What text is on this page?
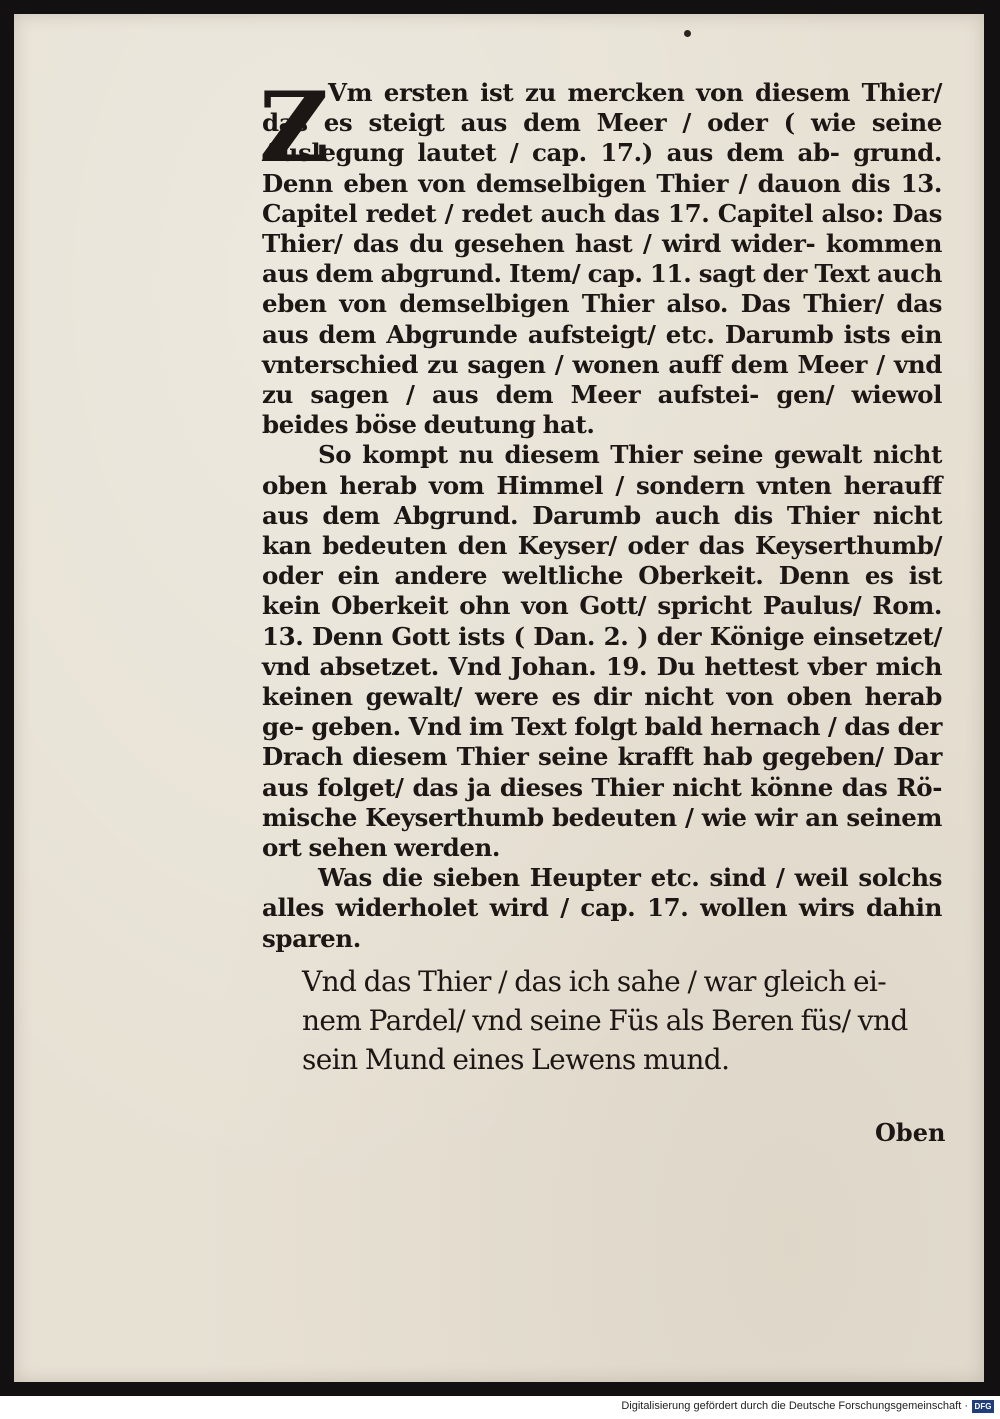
Z Vm ersten ist zu mercken von diesem Thier/ das es steigt aus dem Meer / oder ( wie seine Auslegung lautet / cap. 17.) aus dem ab- grund. Denn eben von demselbigen Thier / dauon dis 13. Capitel redet / redet auch das 17. Capitel also: Das Thier/ das du gesehen hast / wird wider- kommen aus dem abgrund. Item/ cap. 11. sagt der Text auch eben von demselbigen Thier also. Das Thier/ das aus dem Abgrunde aufsteigt/ etc. Darumb ists ein vnterschied zu sagen / wonen auff dem Meer / vnd zu sagen / aus dem Meer aufstei- gen/ wiewol beides böse deutung hat.

So kompt nu diesem Thier seine gewalt nicht oben herab vom Himmel / sondern vnten herauff aus dem Abgrund. Darumb auch dis Thier nicht kan bedeuten den Keyser/ oder das Keyserthumb/ oder ein andere weltliche Oberkeit. Denn es ist kein Oberkeit ohn von Gott/ spricht Paulus/ Rom. 13. Denn Gott ists ( Dan. 2. ) der Könige einsetzet/ vnd absetzet. Vnd Johan. 19. Du hettest vber mich keinen gewalt/ were es dir nicht von oben herab ge- geben. Vnd im Text folgt bald hernach / das der Drach diesem Thier seine krafft hab gegeben/ Dar aus folget/ das ja dieses Thier nicht könne das Rö- mische Keyserthumb bedeuten / wie wir an seinem ort sehen werden.

Was die sieben Heupter etc. sind / weil solchs alles widerholet wird / cap. 17. wollen wirs dahin sparen.

Vnd das Thier / das ich sahe / war gleich ei- nem Pardel/ vnd seine Füs als Beren füs/ vnd sein Mund eines Lewens mund.

Oben
Digitalisierung gefördert durch die Deutsche Forschungsgemeinschaft · DFG
